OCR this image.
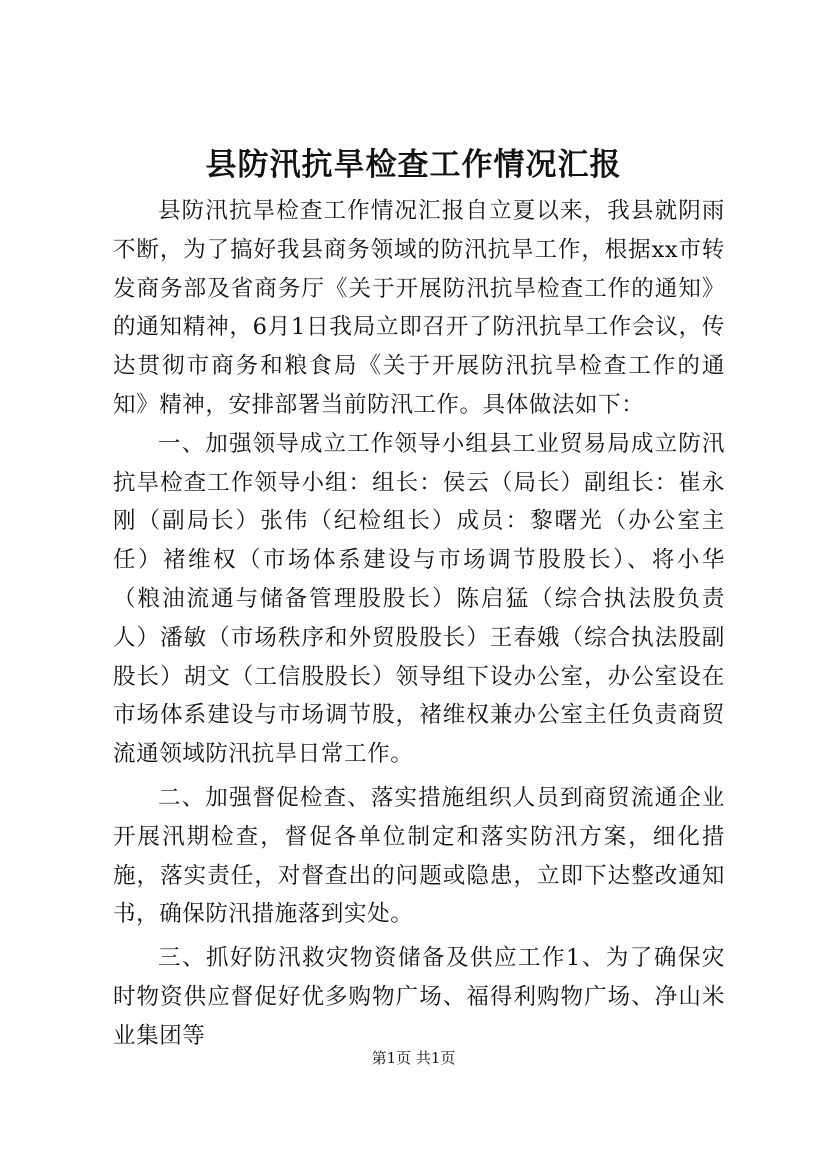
县防汛抗旱检查工作情况汇报

县防汛抗旱检查工作情况汇报自立夏以来，我县就阴雨不断，为了搞好我县商务领域的防汛抗旱工作，根据xx市转发商务部及省商务厅《关于开展防汛抗旱检查工作的通知》的通知精神，6月1日我局立即召开了防汛抗旱工作会议，传达贯彻市商务和粮食局《关于开展防汛抗旱检查工作的通知》精神，安排部署当前防汛工作。具体做法如下：

一、加强领导成立工作领导小组县工业贸易局成立防汛抗旱检查工作领导小组：组长：侯云（局长）副组长：崔永刚（副局长）张伟（纪检组长）成员：黎曙光（办公室主任）褚维权（市场体系建设与市场调节股股长）、将小华（粮油流通与储备管理股股长）陈启猛（综合执法股负责人）潘敏（市场秩序和外贸股股长）王春娥（综合执法股副股长）胡文（工信股股长）领导组下设办公室，办公室设在市场体系建设与市场调节股，褚维权兼办公室主任负责商贸流通领域防汛抗旱日常工作。

二、加强督促检查、落实措施组织人员到商贸流通企业开展汛期检查，督促各单位制定和落实防汛方案，细化措施，落实责任，对督查出的问题或隐患，立即下达整改通知书，确保防汛措施落到实处。

三、抓好防汛救灾物资储备及供应工作1、为了确保灾时物资供应督促好优多购物广场、福得利购物广场、净山米业集团等

第1页 共1页
